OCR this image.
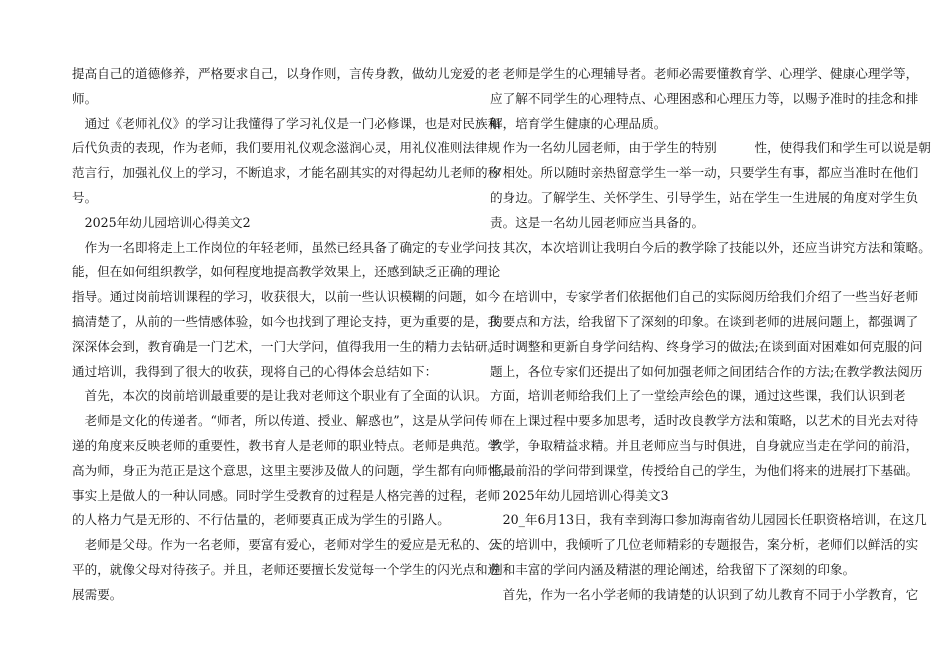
提高自己的道德修养，严格要求自己，以身作则，言传身教，做幼儿宠爱的老
师。
　通过《老师礼仪》的学习让我懂得了学习礼仪是一门必修课，也是对民族和
后代负责的表现，作为老师，我们要用礼仪观念滋润心灵，用礼仪准则法律规
范言行，加强礼仪上的学习，不断追求，才能名副其实的对得起幼儿老师的称
号。
　2025年幼儿园培训心得美文2
　作为一名即将走上工作岗位的年轻老师，虽然已经具备了确定的专业学问技
能，但在如何组织教学，如何程度地提高教学效果上，还感到缺乏正确的理论
指导。通过岗前培训课程的学习，收获很大，以前一些认识模糊的问题，如今
搞清楚了，从前的一些情感体验，如今也找到了理论支持，更为重要的是，我
深深体会到，教育确是一门艺术，一门大学问，值得我用一生的精力去钻研。
通过培训，我得到了很大的收获，现将自己的心得体会总结如下：
　首先，本次的岗前培训最重要的是让我对老师这个职业有了全面的认识。
　老师是文化的传递者。“师者，所以传道、授业、解惑也”，这是从学问传
递的角度来反映老师的重要性，教书育人是老师的职业特点。老师是典范。学
高为师，身正为范正是这个意思，这里主要涉及做人的问题，学生都有向师性，
事实上是做人的一种认同感。同时学生受教育的过程是人格完善的过程，老师
的人格力气是无形的、不行估量的，老师要真正成为学生的引路人。
　老师是父母。作为一名老师，要富有爱心，老师对学生的爱应是无私的、公
平的，就像父母对待孩子。并且，老师还要擅长发觉每一个学生的闪光点和进
展需要。
　老师是学生的心理辅导者。老师必需要懂教育学、心理学、健康心理学等，
应了解不同学生的心理特点、心理困惑和心理压力等，以赐予准时的挂念和排
解，培育学生健康的心理品质。
　作为一名幼儿园老师，由于学生的特别　　　性，使得我们和学生可以说是朝
夕相处。所以随时亲热留意学生一举一动，只要学生有事，都应当准时在他们
的身边。了解学生、关怀学生、引导学生，站在学生一生进展的角度对学生负
责。这是一名幼儿园老师应当具备的。
　其次，本次培训让我明白今后的教学除了技能以外，还应当讲究方法和策略。
　在培训中，专家学者们依据他们自己的实际阅历给我们介绍了一些当好老师
的要点和方法，给我留下了深刻的印象。在谈到老师的进展问题上，都强调了
适时调整和更新自身学问结构、终身学习的做法;在谈到面对困难如何克服的问
题上，各位专家们还提出了如何加强老师之间团结合作的方法;在教学教法阅历
方面，培训老师给我们上了一堂绘声绘色的课，通过这些课，我们认识到老
师在上课过程中要多加思考，适时改良教学方法和策略，以艺术的目光去对待
教学，争取精益求精。并且老师应当与时俱进，自身就应当走在学问的前沿，
将最前沿的学问带到课堂，传授给自己的学生，为他们将来的进展打下基础。
　2025年幼儿园培训心得美文3
　20_年6月13日，我有幸到海口参加海南省幼儿园园长任职资格培训，在这几
天的培训中，我倾听了几位老师精彩的专题报告，案分析，老师们以鲜活的实
例和丰富的学问内涵及精湛的理论阐述，给我留下了深刻的印象。
　首先，作为一名小学老师的我请楚的认识到了幼儿教育不同于小学教育，它
